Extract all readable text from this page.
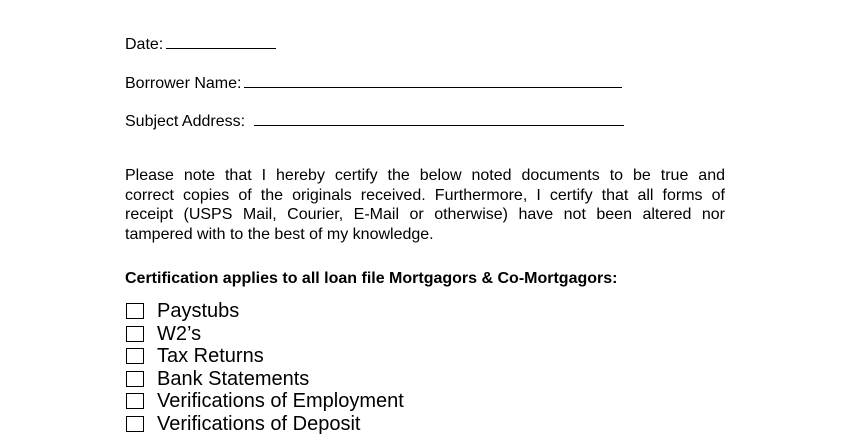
Date:
Borrower Name:
Subject Address:
Please note that I hereby certify the below noted documents to be true and
correct copies of the originals received. Furthermore, I certify that all forms of
receipt (USPS Mail, Courier, E-Mail or otherwise) have not been altered nor
tampered with to the best of my knowledge.
Certification applies to all loan file Mortgagors & Co-Mortgagors:
Paystubs
W2’s
Tax Returns
Bank Statements
Verifications of Employment
Verifications of Deposit
